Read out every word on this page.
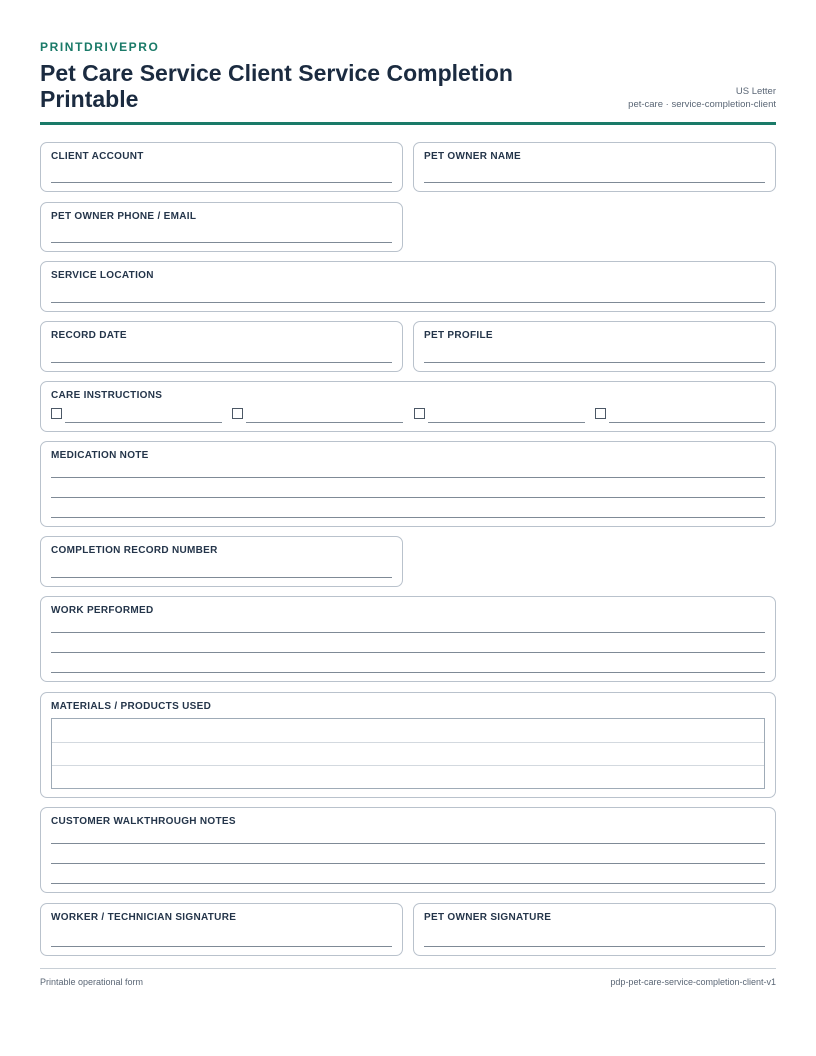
PRINTDRIVEPRO
Pet Care Service Client Service Completion Printable	US Letter
pet-care · service-completion-client
CLIENT ACCOUNT	PET OWNER NAME
PET OWNER PHONE / EMAIL
SERVICE LOCATION
RECORD DATE	PET PROFILE
CARE INSTRUCTIONS
MEDICATION NOTE
COMPLETION RECORD NUMBER
WORK PERFORMED
MATERIALS / PRODUCTS USED
CUSTOMER WALKTHROUGH NOTES
WORKER / TECHNICIAN SIGNATURE	PET OWNER SIGNATURE
Printable operational form	pdp-pet-care-service-completion-client-v1
